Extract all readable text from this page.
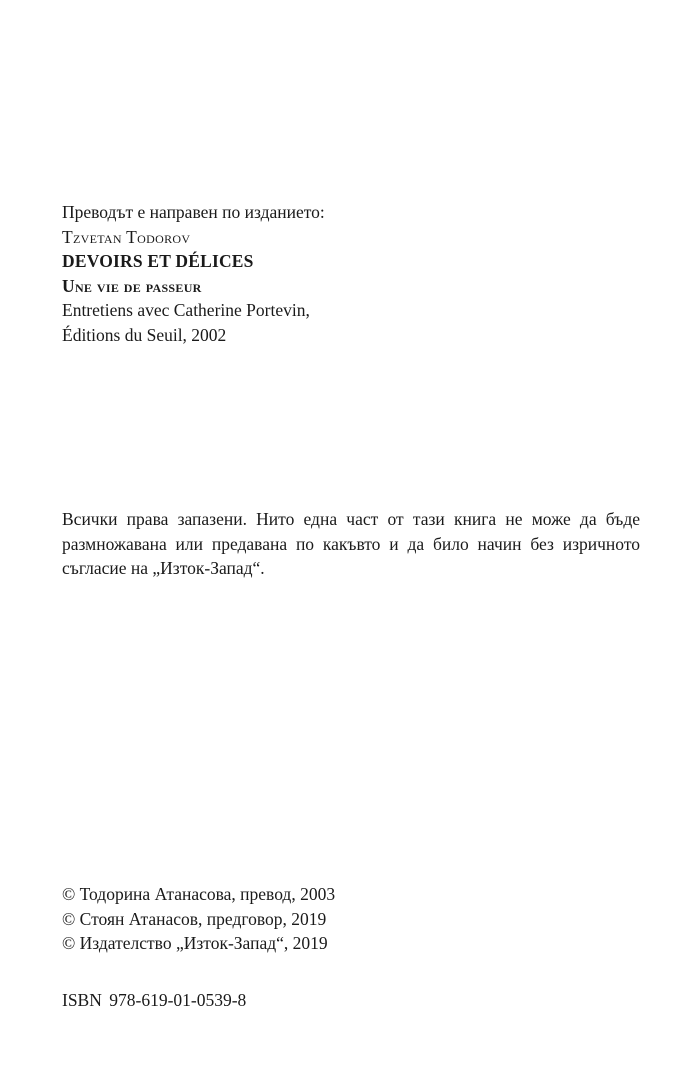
Преводът е направен по изданието:
Tzvetan Todorov
DEVOIRS ET DÉLICES
Une vie de passeur
Entretiens avec Catherine Portevin,
Éditions du Seuil, 2002
Всички права запазени. Нито една част от тази книга не може да бъде
размножавана или предавана по какъвто и да било начин без изричното
съгласие на „Изток-Запад“.
© Тодорина Атанасова, превод, 2003
© Стоян Атанасов, предговор, 2019
© Издателство „Изток-Запад“, 2019
ISBN 978-619-01-0539-8
